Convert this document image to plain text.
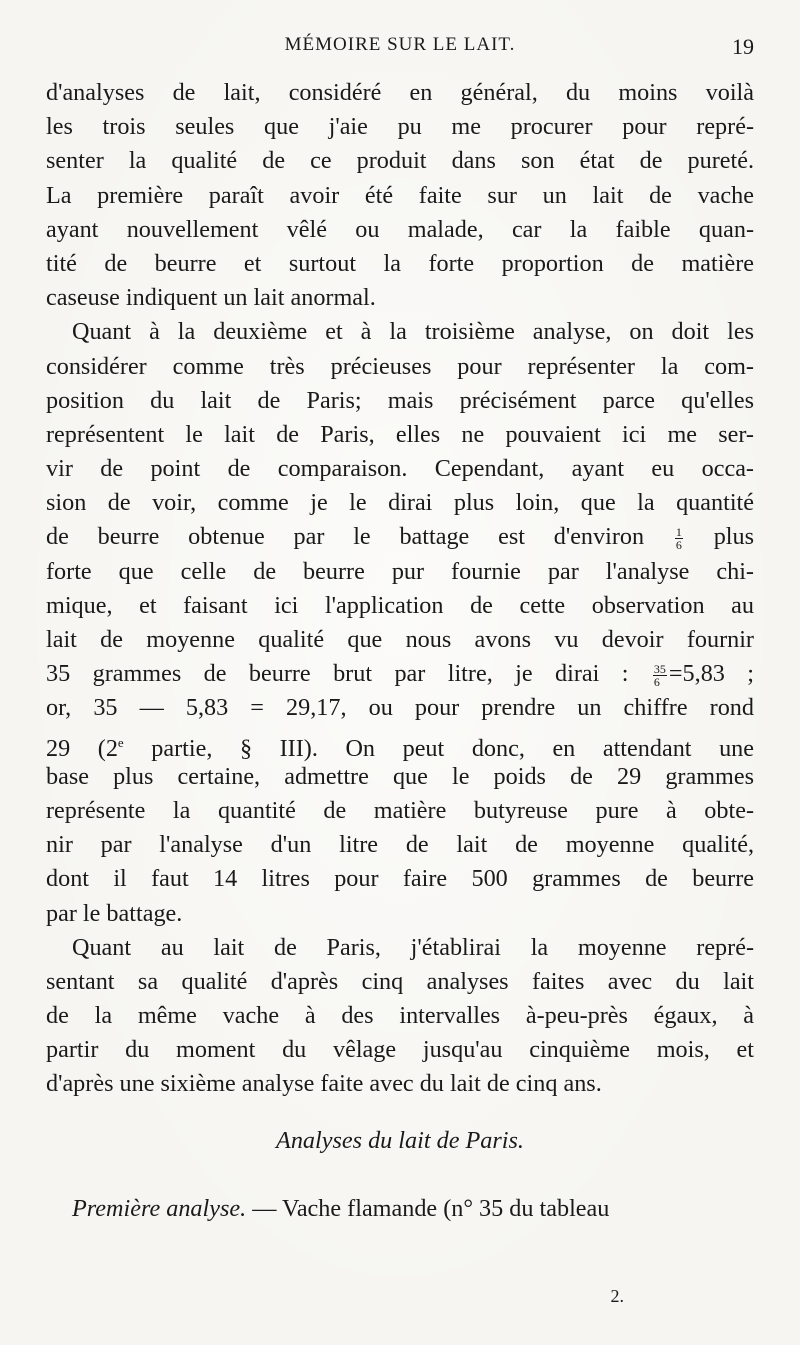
MÉMOIRE SUR LE LAIT.	19
d'analyses de lait, considéré en général, du moins voilà
les trois seules que j'aie pu me procurer pour repré-
senter la qualité de ce produit dans son état de pureté.
La première paraît avoir été faite sur un lait de vache
ayant nouvellement vêlé ou malade, car la faible quan-
tité de beurre et surtout la forte proportion de matière
caseuse indiquent un lait anormal.
Quant à la deuxième et à la troisième analyse, on doit les
considérer comme très précieuses pour représenter la com-
position du lait de Paris; mais précisément parce qu'elles
représentent le lait de Paris, elles ne pouvaient ici me ser-
vir de point de comparaison. Cependant, ayant eu occa-
sion de voir, comme je le dirai plus loin, que la quantité
de beurre obtenue par le battage est d'environ	$\frac{1}{6}$ plus
forte que celle de beurre pur fournie par l'analyse chi-
mique, et faisant ici l'application de cette observation au
lait de moyenne qualité que nous avons vu devoir fournir
35 grammes de beurre brut par litre, je dirai : $\frac{35}{6} =5,83$ ;
or, 35 — 5,83 = 29,17, ou pour prendre un chiffre rond
29 (2e partie, § III). On peut donc, en attendant une
base plus certaine, admettre que le poids de 29 grammes
représente la quantité de matière butyreuse pure à obte-
nir par l'analyse d'un litre de lait de moyenne qualité,
dont il faut 14 litres pour faire 500 grammes de beurre
par le battage.
Quant au lait de Paris, j'établirai la moyenne repré-
sentant sa qualité d'après cinq analyses faites avec du lait
de la même vache à des intervalles à-peu-près égaux, à
partir du moment du vêlage jusqu'au cinquième mois, et
d'après une sixième analyse faite avec du lait de cinq ans.
Analyses du lait de Paris.
Première analyse. — Vache flamande (n° 35 du tableau
2.
